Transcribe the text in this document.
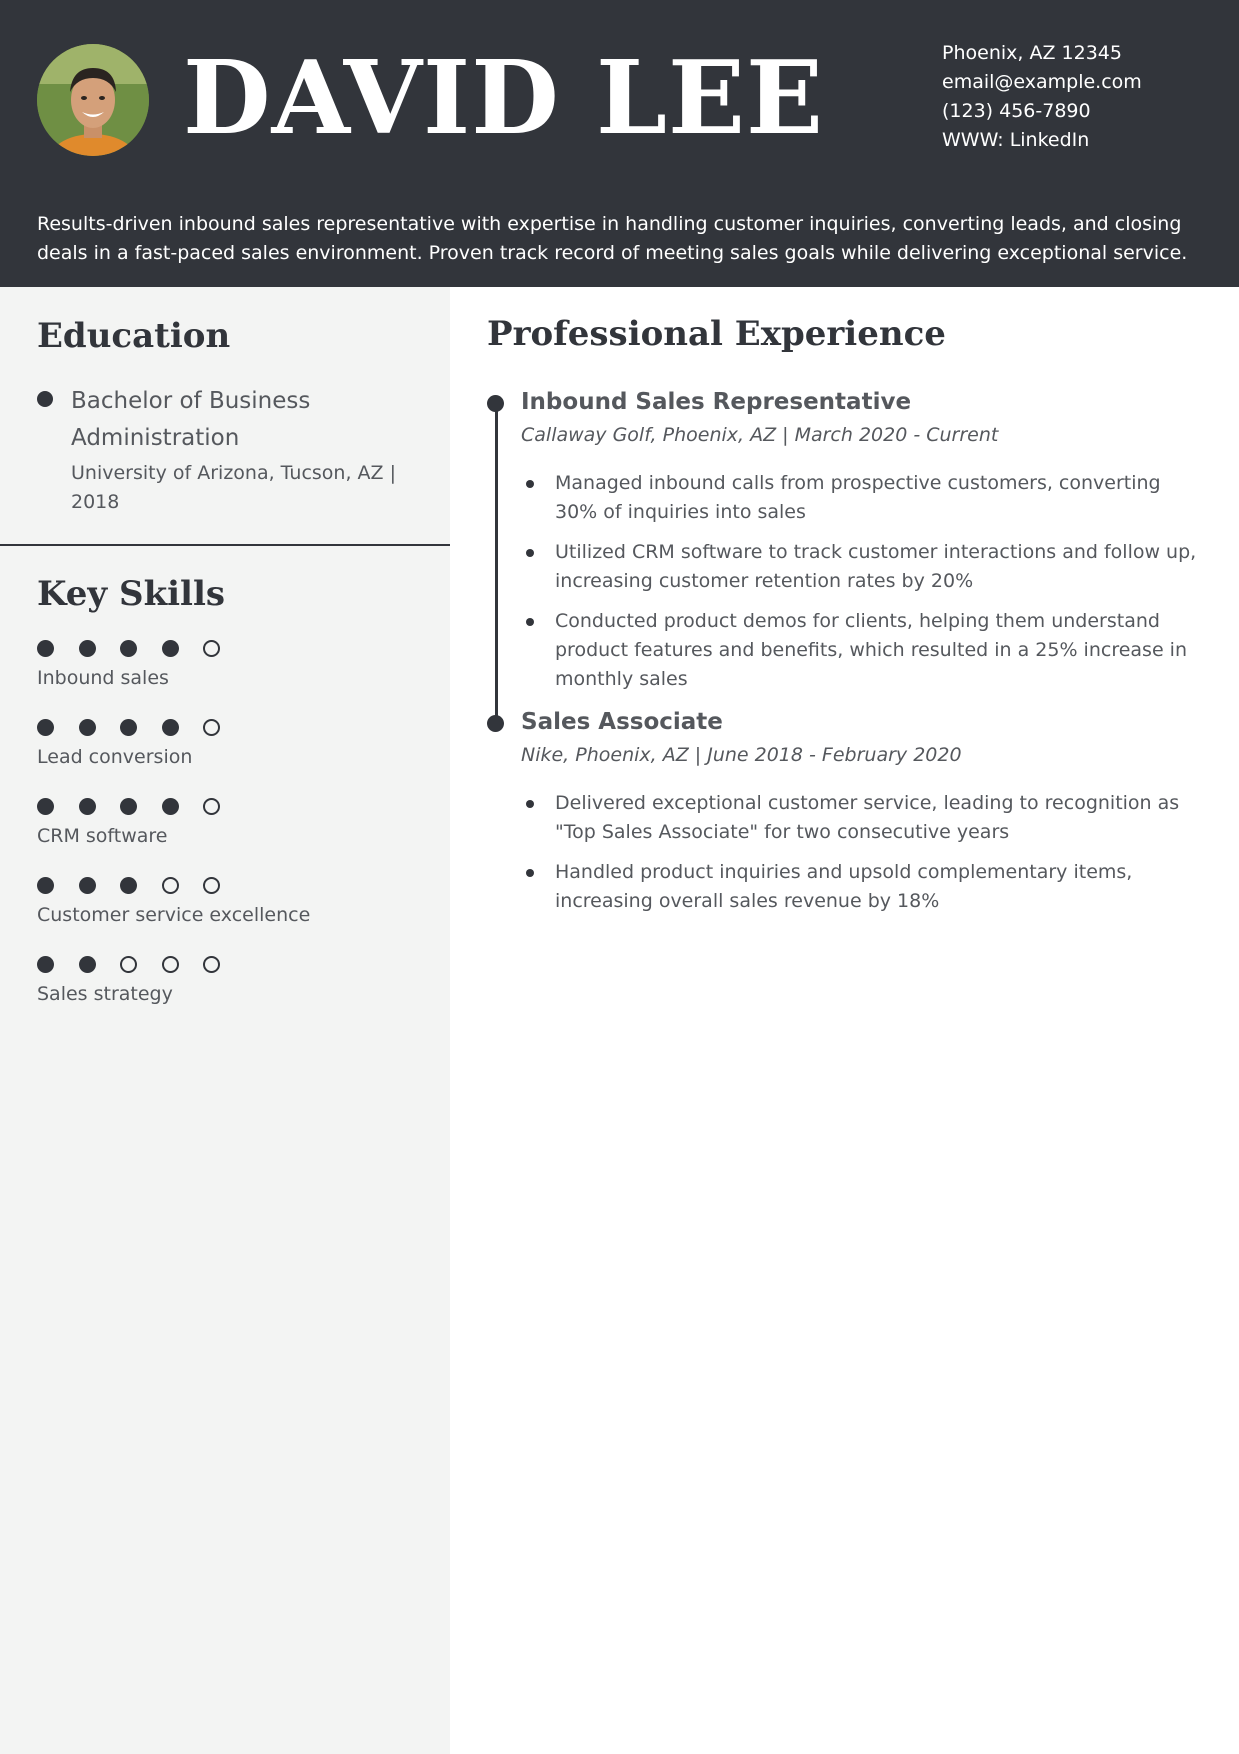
DAVID LEE	Phoenix, AZ 12345
email@example.com
(123) 456-7890
WWW: LinkedIn
Results-driven inbound sales representative with expertise in handling customer inquiries, converting leads, and closing deals in a fast-paced sales environment. Proven track record of meeting sales goals while delivering exceptional service.
Education
Bachelor of Business Administration
University of Arizona, Tucson, AZ | 2018
Key Skills
Inbound sales
Lead conversion
CRM software
Customer service excellence
Sales strategy
Professional Experience
Inbound Sales Representative
Callaway Golf, Phoenix, AZ | March 2020 - Current
Managed inbound calls from prospective customers, converting 30% of inquiries into sales
Utilized CRM software to track customer interactions and follow up, increasing customer retention rates by 20%
Conducted product demos for clients, helping them understand product features and benefits, which resulted in a 25% increase in monthly sales
Sales Associate
Nike, Phoenix, AZ | June 2018 - February 2020
Delivered exceptional customer service, leading to recognition as "Top Sales Associate" for two consecutive years
Handled product inquiries and upsold complementary items, increasing overall sales revenue by 18%
